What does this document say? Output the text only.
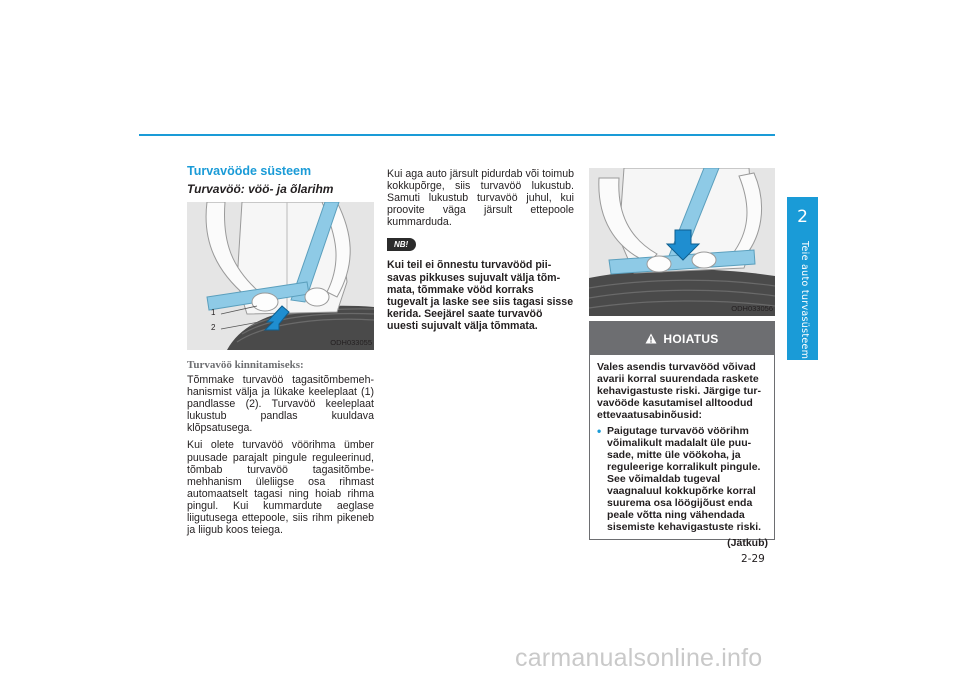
2
Teie auto turvasüsteemid
Turvavööde süsteem
Turvavöö: vöö- ja õlarihm
1
2
ODH033055
Turvavöö kinnitamiseks:

Tõmmake turvavöö tagasitõmbemehhanismist välja ja lükake keeleplaat (1) pandlasse (2). Turvavöö keeleplaat lukustub pandlas kuuldava klõpsatusega.

Kui olete turvavöö vöörihma ümber puusade parajalt pingule reguleerinud, tõmbab turvavöö tagasitõmbemehhanism üleliigse osa rihmast automaatselt tagasi ning hoiab rihma pingul. Kui kummardute aeglase liigutusega ettepoole, siis rihm pikeneb ja liigub koos teiega.

Kui aga auto järsult pidurdab või toimub kokkupõrge, siis turvavöö lukustub. Samuti lukustub turvavöö juhul, kui proovite väga järsult ettepoole kummarduda.

NB!

Kui teil ei õnnestu turvavööd piisavas pikkuses sujuvalt välja tõmmata, tõmmake vööd korraks tugevalt ja laske see siis tagasi sisse kerida. Seejärel saate turvavöö uuesti sujuvalt välja tõmmata.

ODH033056
HOIATUS

Vales asendis turvavööd võivad avarii korral suurendada raskete kehavigastuste riski. Järgige turvavööde kasutamisel alltoodud ettevaatusabinõusid:

• Paigutage turvavöö vöörihm võimalikult madalalt üle puusade, mitte üle vöökoha, ja reguleerige korralikult pingule. See võimaldab tugeval vaagnaluul kokkupõrke korral suurema osa löögijõust enda peale võtta ning vähendada sisemiste kehavigastuste riski.

(Jätkub)
2-29
carmanualsonline.info
